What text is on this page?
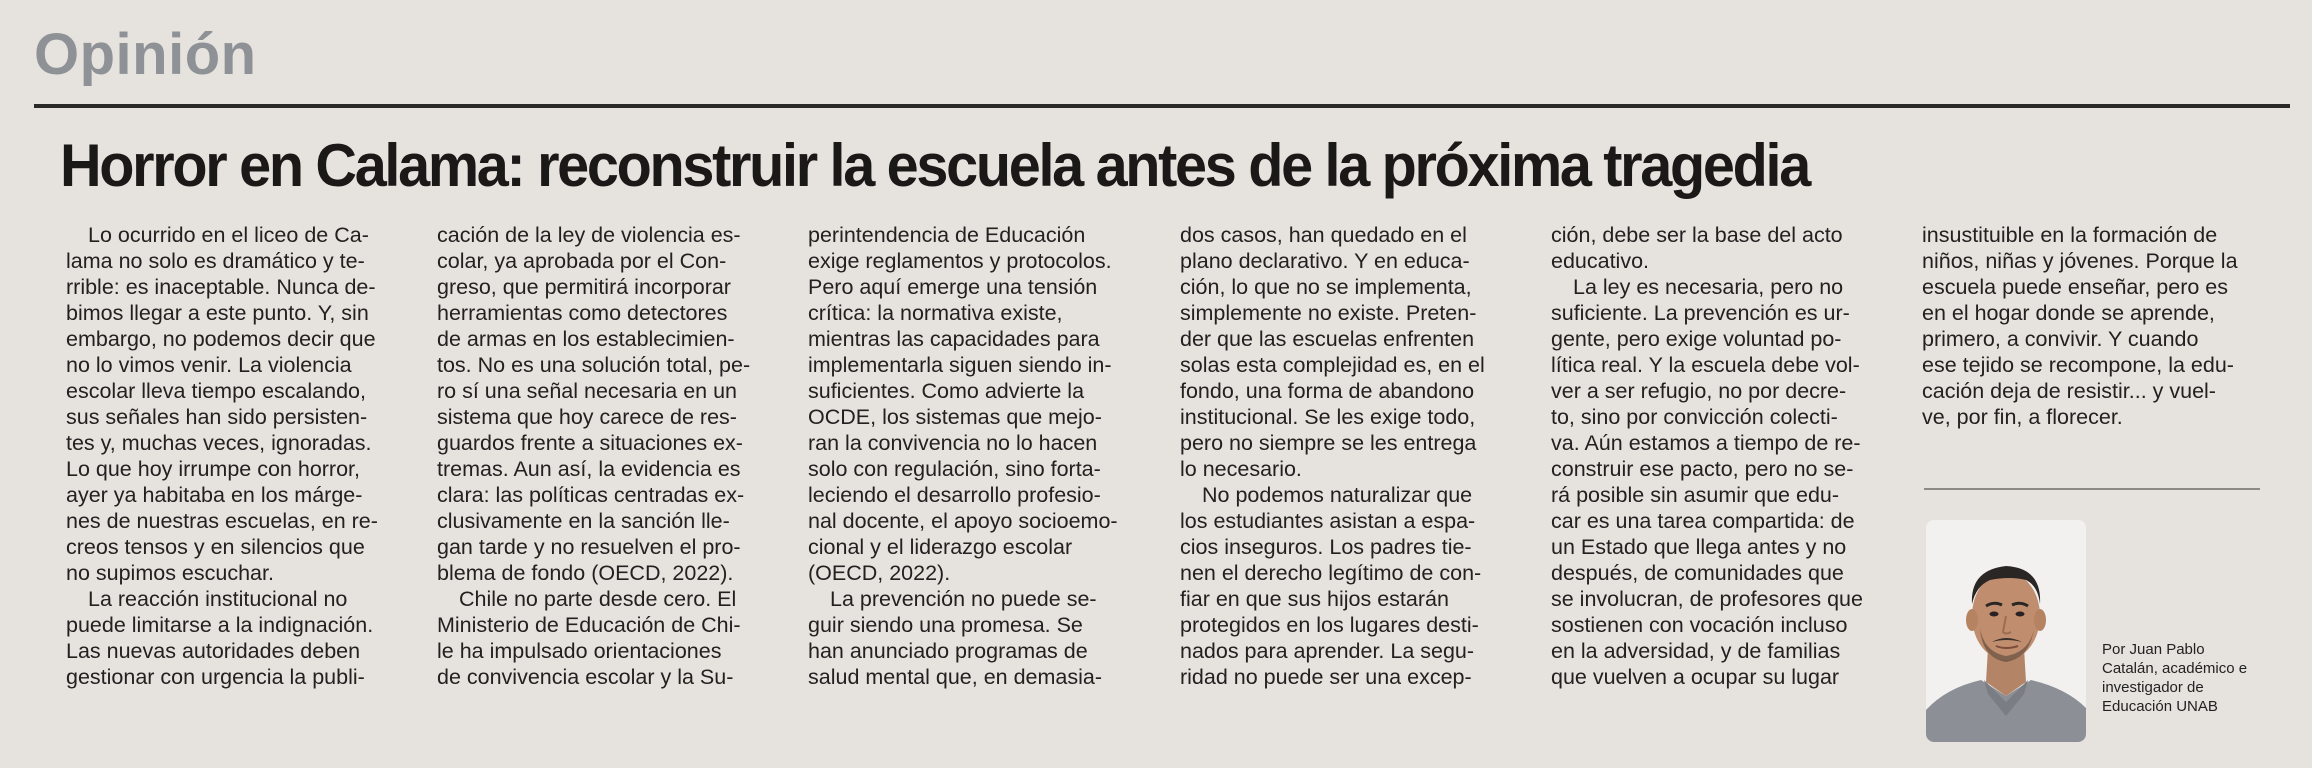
Opinión
Horror en Calama: reconstruir la escuela antes de la próxima tragedia
Lo ocurrido en el liceo de Ca-
lama no solo es dramático y te-
rrible: es inaceptable. Nunca de-
bimos llegar a este punto. Y, sin
embargo, no podemos decir que
no lo vimos venir. La violencia
escolar lleva tiempo escalando,
sus señales han sido persisten-
tes y, muchas veces, ignoradas.
Lo que hoy irrumpe con horror,
ayer ya habitaba en los márge-
nes de nuestras escuelas, en re-
creos tensos y en silencios que
no supimos escuchar.
La reacción institucional no
puede limitarse a la indignación.
Las nuevas autoridades deben
gestionar con urgencia la publi-
cación de la ley de violencia es-
colar, ya aprobada por el Con-
greso, que permitirá incorporar
herramientas como detectores
de armas en los establecimien-
tos. No es una solución total, pe-
ro sí una señal necesaria en un
sistema que hoy carece de res-
guardos frente a situaciones ex-
tremas. Aun así, la evidencia es
clara: las políticas centradas ex-
clusivamente en la sanción lle-
gan tarde y no resuelven el pro-
blema de fondo (OECD, 2022).
Chile no parte desde cero. El
Ministerio de Educación de Chi-
le ha impulsado orientaciones
de convivencia escolar y la Su-
perintendencia de Educación
exige reglamentos y protocolos.
Pero aquí emerge una tensión
crítica: la normativa existe,
mientras las capacidades para
implementarla siguen siendo in-
suficientes. Como advierte la
OCDE, los sistemas que mejo-
ran la convivencia no lo hacen
solo con regulación, sino forta-
leciendo el desarrollo profesio-
nal docente, el apoyo socioemo-
cional y el liderazgo escolar
(OECD, 2022).
La prevención no puede se-
guir siendo una promesa. Se
han anunciado programas de
salud mental que, en demasia-
dos casos, han quedado en el
plano declarativo. Y en educa-
ción, lo que no se implementa,
simplemente no existe. Preten-
der que las escuelas enfrenten
solas esta complejidad es, en el
fondo, una forma de abandono
institucional. Se les exige todo,
pero no siempre se les entrega
lo necesario.
No podemos naturalizar que
los estudiantes asistan a espa-
cios inseguros. Los padres tie-
nen el derecho legítimo de con-
fiar en que sus hijos estarán
protegidos en los lugares desti-
nados para aprender. La segu-
ridad no puede ser una excep-
ción, debe ser la base del acto
educativo.
La ley es necesaria, pero no
suficiente. La prevención es ur-
gente, pero exige voluntad po-
lítica real. Y la escuela debe vol-
ver a ser refugio, no por decre-
to, sino por convicción colecti-
va. Aún estamos a tiempo de re-
construir ese pacto, pero no se-
rá posible sin asumir que edu-
car es una tarea compartida: de
un Estado que llega antes y no
después, de comunidades que
se involucran, de profesores que
sostienen con vocación incluso
en la adversidad, y de familias
que vuelven a ocupar su lugar
insustituible en la formación de
niños, niñas y jóvenes. Porque la
escuela puede enseñar, pero es
en el hogar donde se aprende,
primero, a convivir. Y cuando
ese tejido se recompone, la edu-
cación deja de resistir... y vuel-
ve, por fin, a florecer.
Por Juan Pablo
Catalán, académico e
investigador de
Educación UNAB
